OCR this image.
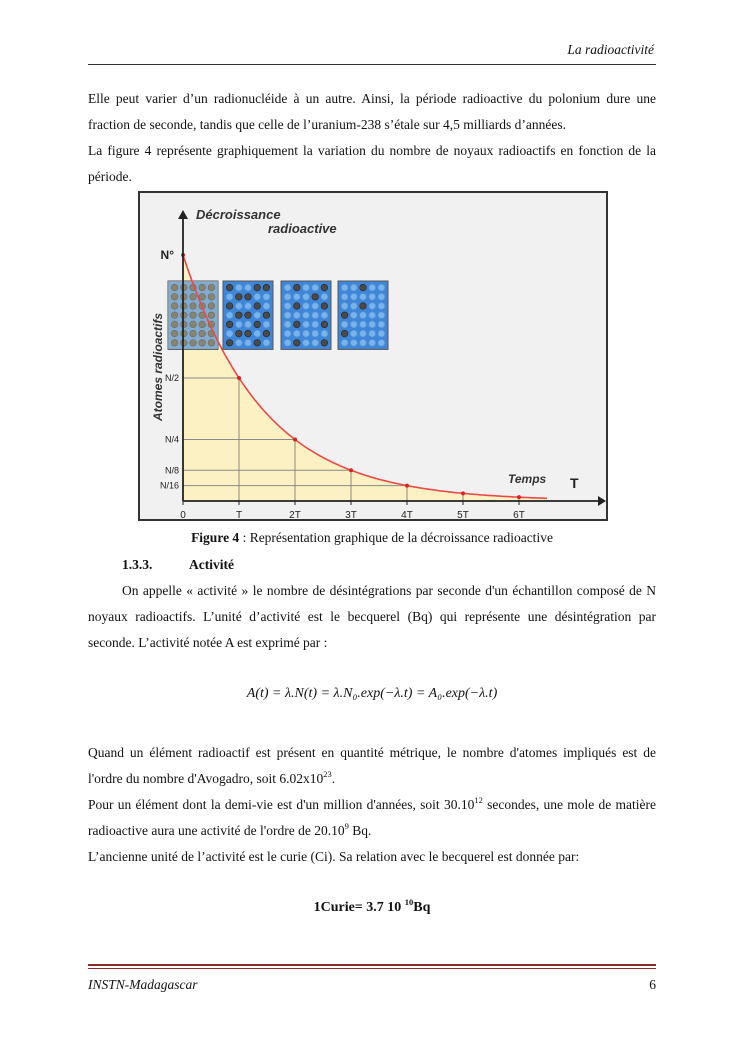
La radioactivité

Elle peut varier d’un radionucléide à un autre. Ainsi, la période radioactive du polonium dure une fraction de seconde, tandis que celle de l’uranium-238 s’étale sur 4,5 milliards d’années.

La figure 4 représente graphiquement la variation du nombre de noyaux radioactifs en fonction de la période.

0	T	2T	3T	4T	5T	6T
N°
N/2
N/4
N/8
N/16
Décroissance
radioactive
Temps T
Atomes radioactifs
Figure 4 : Représentation graphique de la décroissance radioactive
1.3.3.	Activité

On appelle « activité » le nombre de désintégrations par seconde d'un échantillon composé de N noyaux radioactifs. L’unité d’activité est le becquerel (Bq) qui représente une désintégration par seconde. L’activité notée A est exprimé par :

A(t) = λ.N(t) = λ.N₀.exp(−λ.t) = A₀.exp(−λ.t)

Quand un élément radioactif est présent en quantité métrique, le nombre d'atomes impliqués est de l'ordre du nombre d'Avogadro, soit $6.02x10^{23}$.

Pour un élément dont la demi-vie est d'un million d'années, soit 30.10$^{12}$ secondes, une mole de matière radioactive aura une activité de l'ordre de 20.10$^9$ Bq.

L’ancienne unité de l’activité est le curie (Ci). Sa relation avec le becquerel est donnée par:

1Curie= 3.7 10 $^{10}$Bq
INSTN-Madagascar	6
